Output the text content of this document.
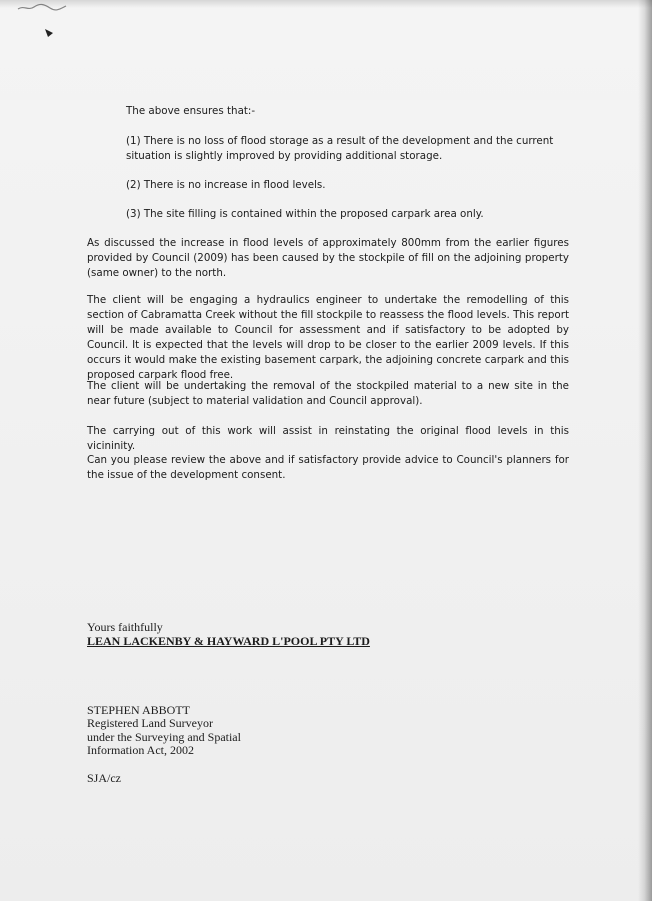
The above ensures that:-

(1) There is no loss of flood storage as a result of the development and the current situation is slightly improved by providing additional storage.

(2) There is no increase in flood levels.

(3) The site filling is contained within the proposed carpark area only.

As discussed the increase in flood levels of approximately 800mm from the earlier figures provided by Council (2009) has been caused by the stockpile of fill on the adjoining property (same owner) to the north.

The client will be engaging a hydraulics engineer to undertake the remodelling of this section of Cabramatta Creek without the fill stockpile to reassess the flood levels. This report will be made available to Council for assessment and if satisfactory to be adopted by Council. It is expected that the levels will drop to be closer to the earlier 2009 levels. If this occurs it would make the existing basement carpark, the adjoining concrete carpark and this proposed carpark flood free.

The client will be undertaking the removal of the stockpiled material to a new site in the near future (subject to material validation and Council approval).

The carrying out of this work will assist in reinstating the original flood levels in this vicininity.

Can you please review the above and if satisfactory provide advice to Council's planners for the issue of the development consent.

Yours faithfully

LEAN LACKENBY & HAYWARD L'POOL PTY LTD

STEPHEN ABBOTT

Registered Land Surveyor

under the Surveying and Spatial

Information Act, 2002

SJA/cz
